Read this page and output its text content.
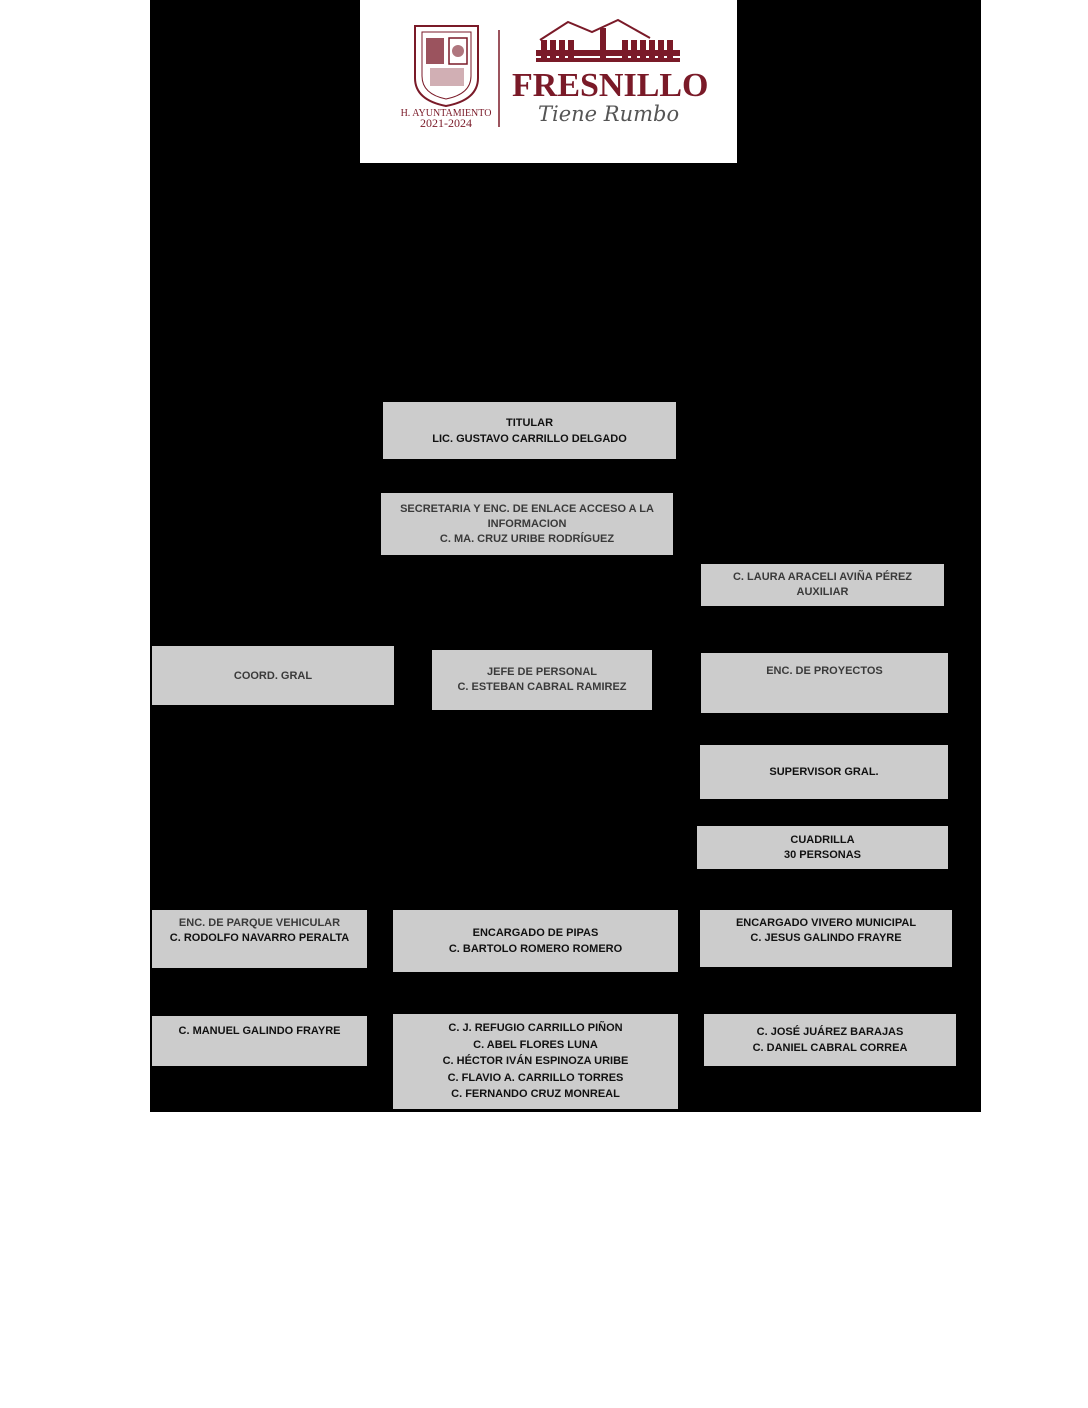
H. AYUNTAMIENTO
2021-2024
FRESNILLO
Tiene Rumbo
TITULAR
LIC. GUSTAVO CARRILLO DELGADO
SECRETARIA Y ENC. DE ENLACE ACCESO A LA
INFORMACION
C. MA. CRUZ URIBE RODRÍGUEZ
C. LAURA ARACELI AVIÑA PÉREZ
AUXILIAR
COORD. GRAL	JEFE DE PERSONAL
C. ESTEBAN CABRAL RAMIREZ
ENC. DE PROYECTOS
SUPERVISOR GRAL.
CUADRILLA
30 PERSONAS
ENC. DE PARQUE VEHICULAR
C. RODOLFO NAVARRO PERALTA	ENCARGADO DE PIPAS
C. BARTOLO ROMERO ROMERO
ENCARGADO VIVERO MUNICIPAL
C. JESUS GALINDO FRAYRE
C. MANUEL GALINDO FRAYRE	C. J. REFUGIO CARRILLO PIÑON
C. ABEL FLORES LUNA
C. HÉCTOR IVÁN ESPINOZA URIBE
C. FLAVIO A. CARRILLO TORRES
C. FERNANDO CRUZ MONREAL
C. JOSÉ JUÁREZ BARAJAS
C. DANIEL CABRAL CORREA
